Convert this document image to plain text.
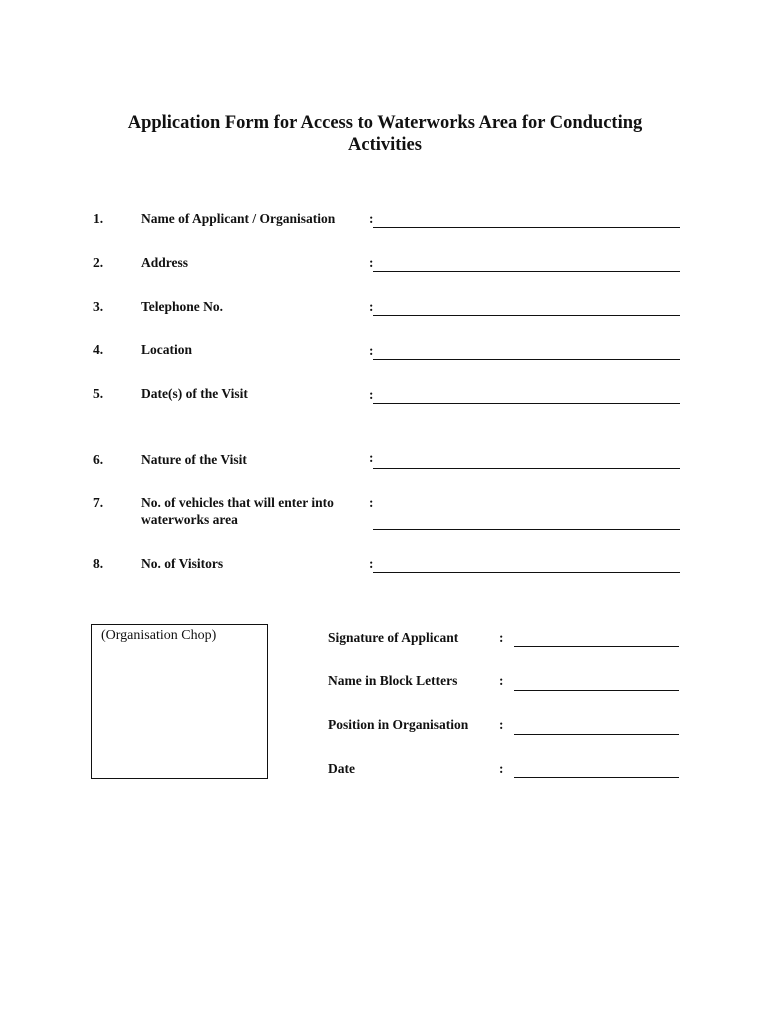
Application Form for Access to Waterworks Area for Conducting
Activities
1.	Name of Applicant / Organisation :
2.	Address	:
3.	Telephone No.	:
4.	Location	:
5.	Date(s) of the Visit	:
6.	Nature of the Visit	:
7.	No. of vehicles that will enter into
waterworks area
:
8.	No. of Visitors	:
(Organisation Chop)	Signature of Applicant	:
Name in Block Letters	:
Position in Organisation :
Date	:
